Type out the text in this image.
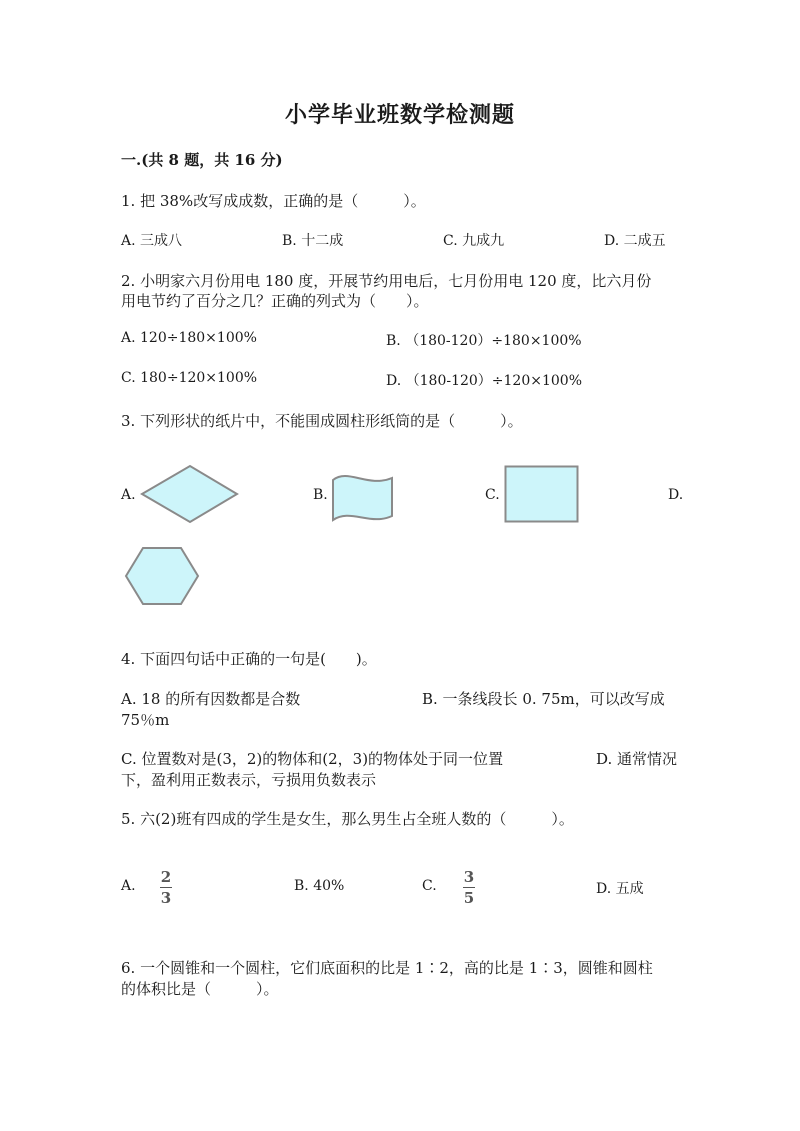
小学毕业班数学检测题
一.(共 8 题，共 16 分)
1. 把 38%改写成成数，正确的是（　　　）。
A. 三成八	B. 十二成	C. 九成九	D. 二成五
2. 小明家六月份用电 180 度，开展节约用电后，七月份用电 120 度，比六月份
用电节约了百分之几？正确的列式为（　　）。
A. 120÷180×100%	B. （180-120）÷180×100%
C. 180÷120×100%	D. （180-120）÷120×100%
3. 下列形状的纸片中，不能围成圆柱形纸筒的是（　　　）。
A.	B.	C.	D.
4. 下面四句话中正确的一句是(　　)。
A. 18 的所有因数都是合数	B. 一条线段长 0. 75m，可以改写成
75％m
C. 位置数对是(3，2)的物体和(2，3)的物体处于同一位置	D. 通常情况
下，盈利用正数表示，亏损用负数表示
5. 六(2)班有四成的学生是女生，那么男生占全班人数的（　　　）。
A. 2
3
B. 40%	C. 3
5	D. 五成
6. 一个圆锥和一个圆柱，它们底面积的比是 1∶2，高的比是 1∶3，圆锥和圆柱
的体积比是（　　　）。
